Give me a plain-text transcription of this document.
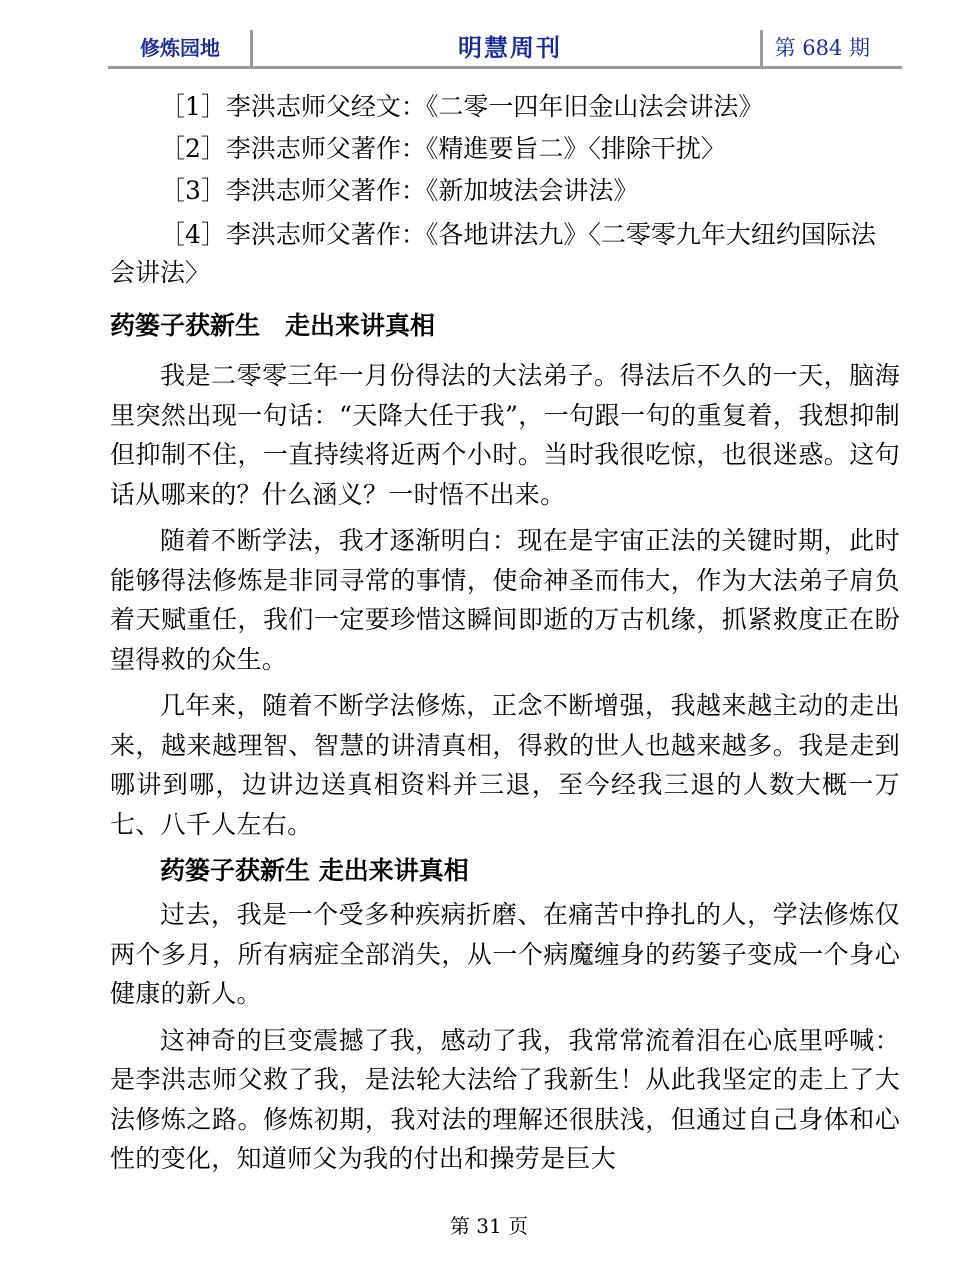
修炼园地	明慧周刊	第 684 期

［1］李洪志师父经文：《二零一四年旧金山法会讲法》

［2］李洪志师父著作：《精進要旨二》〈排除干扰〉

［3］李洪志师父著作：《新加坡法会讲法》

［4］李洪志师父著作：《各地讲法九》〈二零零九年大纽约国际法会讲法〉

药篓子获新生　走出来讲真相

我是二零零三年一月份得法的大法弟子。得法后不久的一天，脑海里突然出现一句话：“天降大任于我”，一句跟一句的重复着，我想抑制但抑制不住，一直持续将近两个小时。当时我很吃惊，也很迷惑。这句话从哪来的？什么涵义？一时悟不出来。

随着不断学法，我才逐渐明白：现在是宇宙正法的关键时期，此时能够得法修炼是非同寻常的事情，使命神圣而伟大，作为大法弟子肩负着天赋重任，我们一定要珍惜这瞬间即逝的万古机缘，抓紧救度正在盼望得救的众生。

几年来，随着不断学法修炼，正念不断增强，我越来越主动的走出来，越来越理智、智慧的讲清真相，得救的世人也越来越多。我是走到哪讲到哪，边讲边送真相资料并三退，至今经我三退的人数大概一万七、八千人左右。

药篓子获新生 走出来讲真相

过去，我是一个受多种疾病折磨、在痛苦中挣扎的人，学法修炼仅两个多月，所有病症全部消失，从一个病魔缠身的药篓子变成一个身心健康的新人。

这神奇的巨变震撼了我，感动了我，我常常流着泪在心底里呼喊：是李洪志师父救了我，是法轮大法给了我新生！从此我坚定的走上了大法修炼之路。修炼初期，我对法的理解还很肤浅，但通过自己身体和心性的变化，知道师父为我的付出和操劳是巨大

第 31 页
